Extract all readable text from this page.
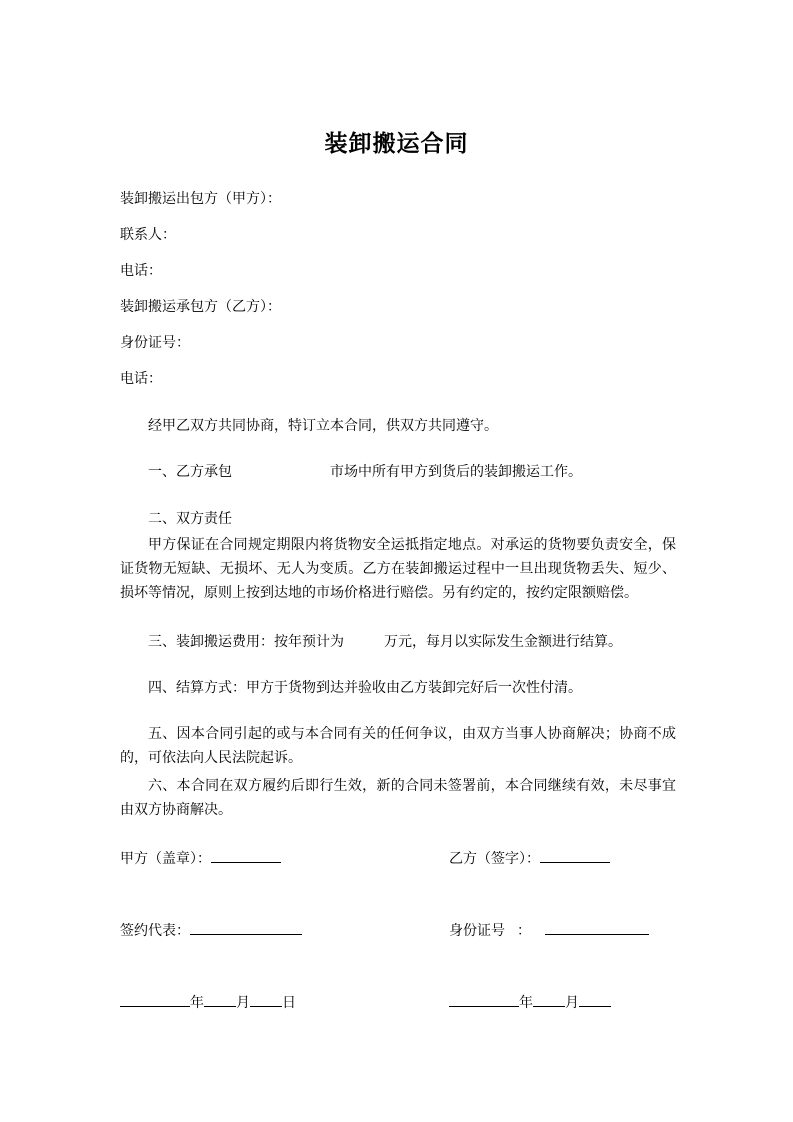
装卸搬运合同
装卸搬运出包方（甲方）：
联系人：
电话：
装卸搬运承包方（乙方）：
身份证号：
电话：
经甲乙双方共同协商，特订立本合同，供双方共同遵守。
一、乙方承包	市场中所有甲方到货后的装卸搬运工作。
二、双方责任
甲方保证在合同规定期限内将货物安全运抵指定地点。对承运的货物要负责安全，保证货物无短缺、无损坏、无人为变质。乙方在装卸搬运过程中一旦出现货物丢失、短少、损坏等情况，原则上按到达地的市场价格进行赔偿。另有约定的，按约定限额赔偿。
三、装卸搬运费用：按年预计为	万元，每月以实际发生金额进行结算。
四、结算方式：甲方于货物到达并验收由乙方装卸完好后一次性付清。
五、因本合同引起的或与本合同有关的任何争议，由双方当事人协商解决；协商不成的，可依法向人民法院起诉。
六、本合同在双方履约后即行生效，新的合同未签署前，本合同继续有效，未尽事宜由双方协商解决。
甲方（盖章）：	乙方（签字）：
签约代表：	身份证号 ：
年 月 日	年 月
